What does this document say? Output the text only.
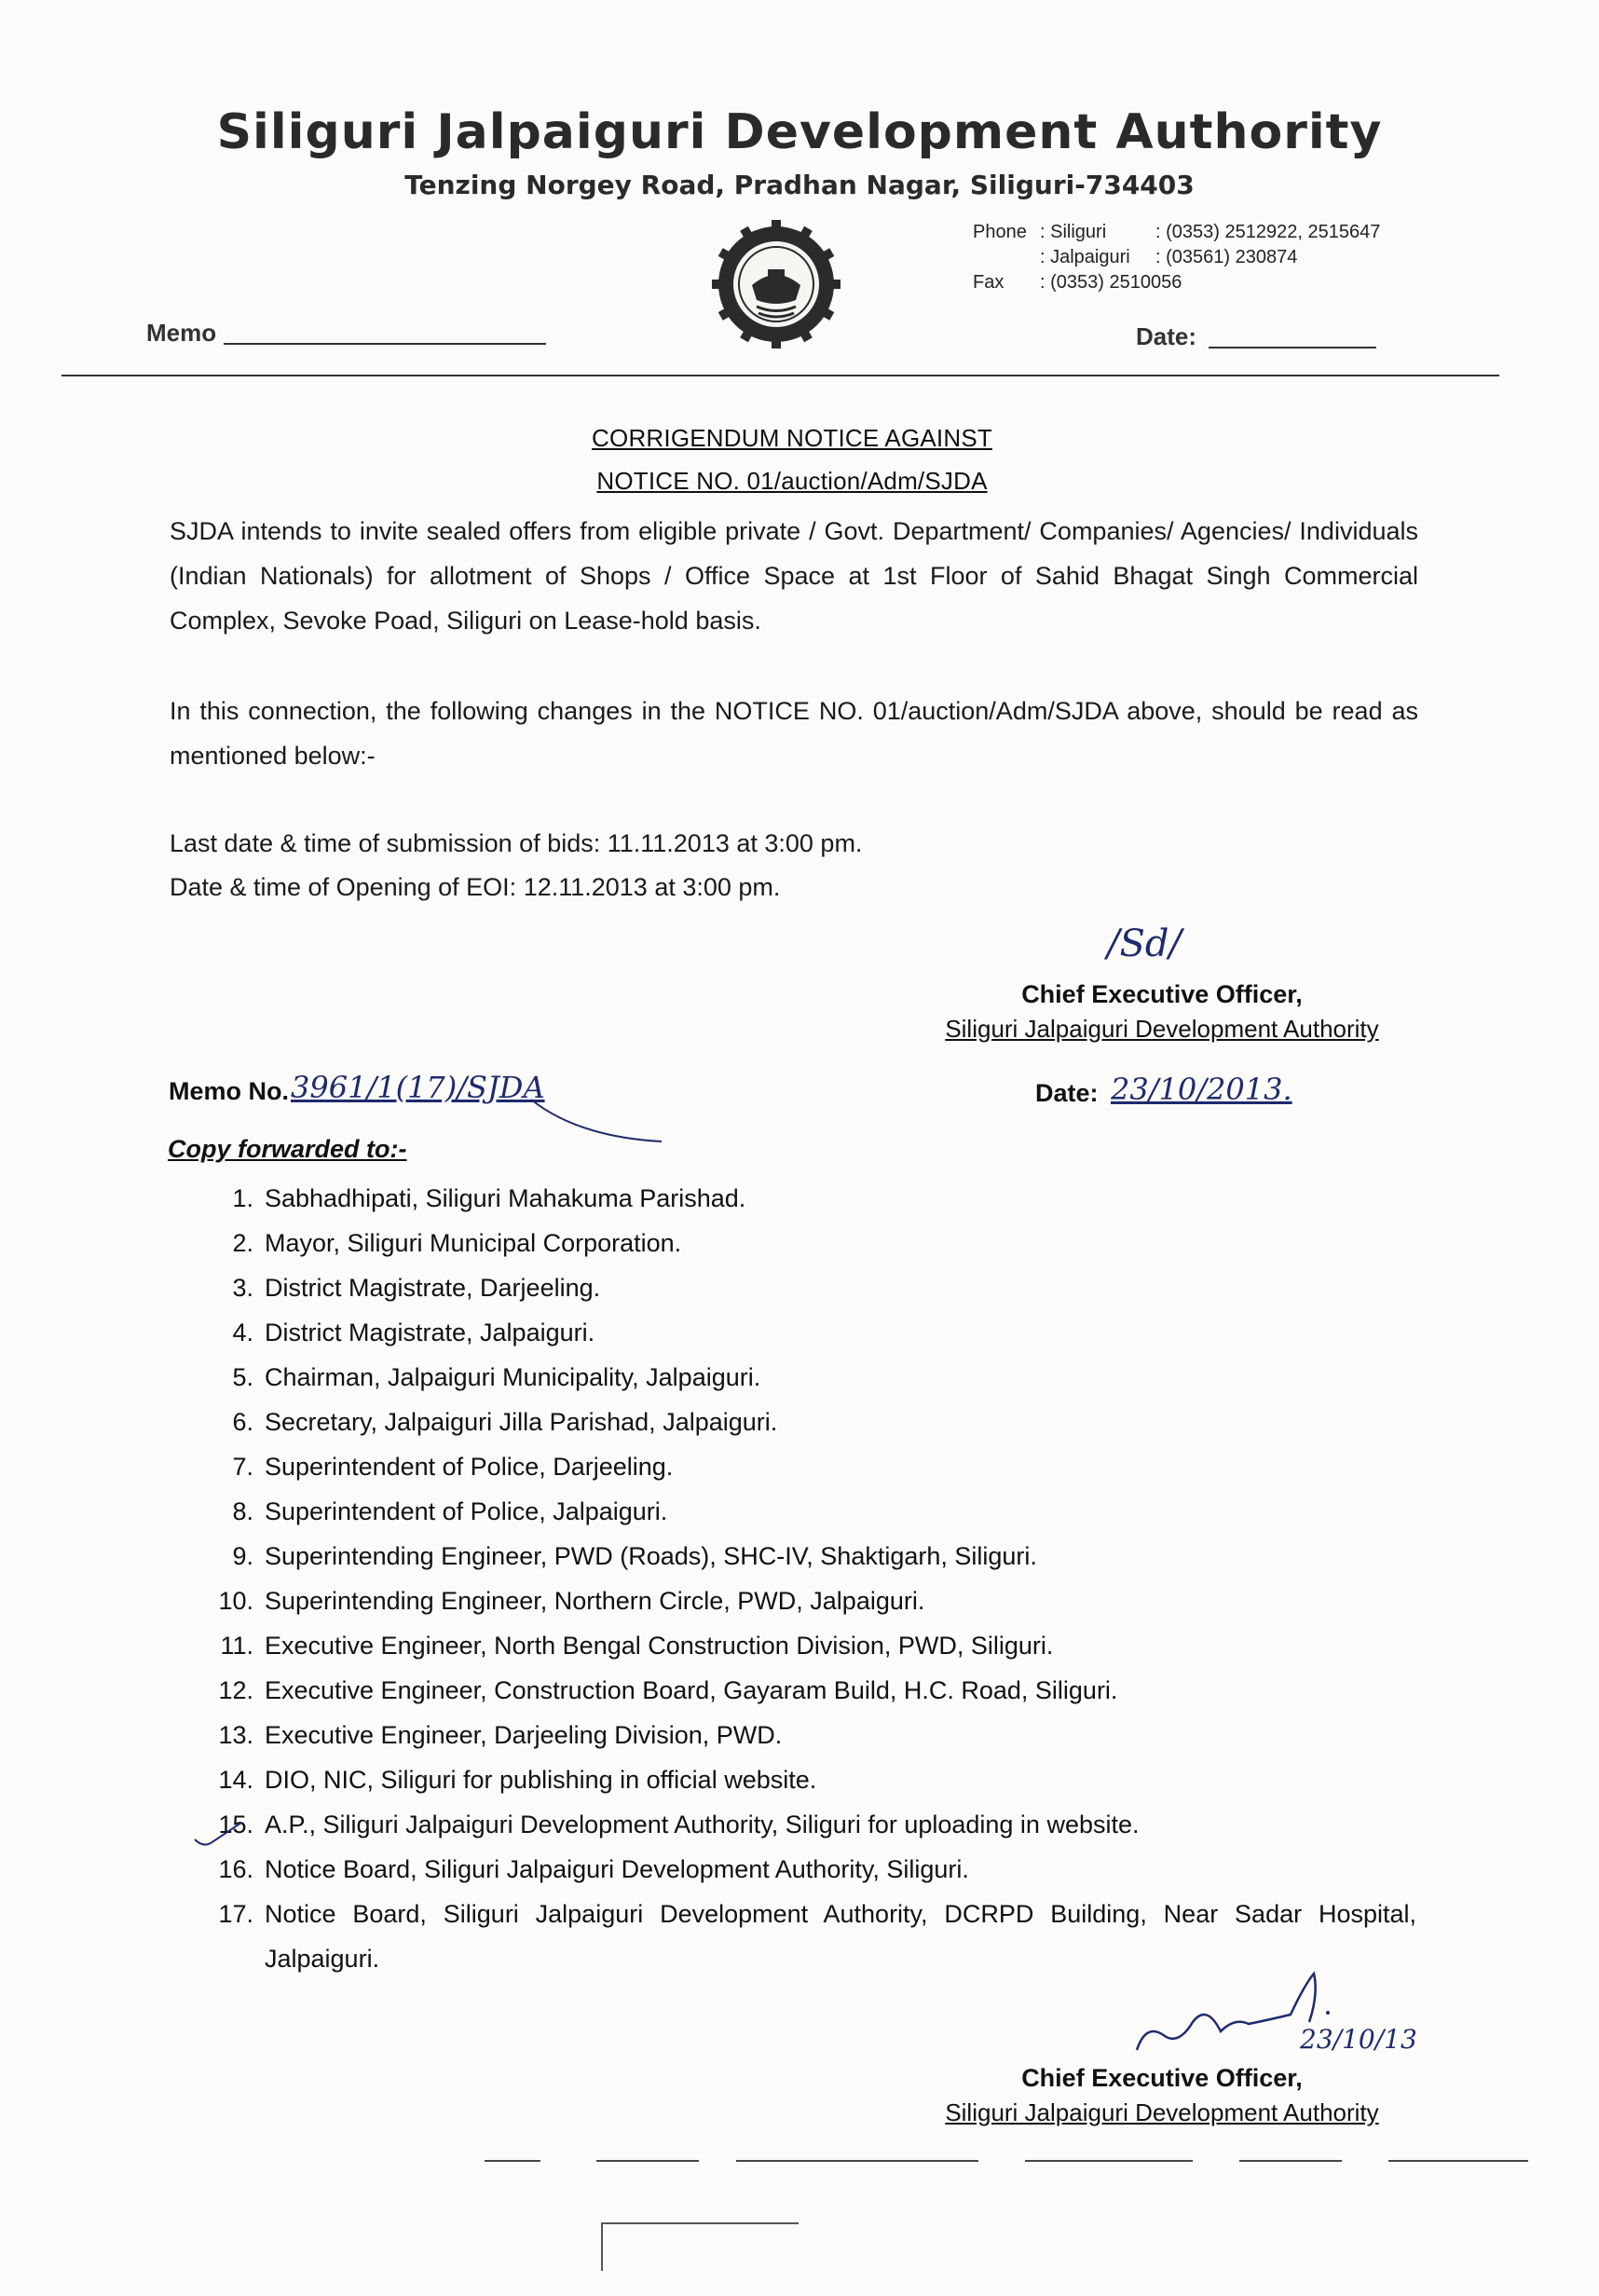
Siliguri Jalpaiguri Development Authority
Tenzing Norgey Road, Pradhan Nagar, Siliguri-734403
Phone : Siliguri	: (0353) 2512922, 2515647
: Jalpaiguri : (03561) 230874
Fax : (0353) 2510056
Memo	Date:
CORRIGENDUM NOTICE AGAINST
NOTICE NO. 01/auction/Adm/SJDA
SJDA intends to invite sealed offers from eligible private / Govt. Department/ Companies/ Agencies/ Individuals (Indian Nationals) for allotment of Shops / Office Space at 1st Floor of Sahid Bhagat Singh Commercial Complex, Sevoke Poad, Siliguri on Lease-hold basis.
In this connection, the following changes in the NOTICE NO. 01/auction/Adm/SJDA above, should be read as mentioned below:-
Last date & time of submission of bids: 11.11.2013 at 3:00 pm.
Date & time of Opening of EOI: 12.11.2013 at 3:00 pm.
/Sd/
Chief Executive Officer,
Siliguri Jalpaiguri Development Authority
Memo No. 3961/1(17)/SJDA	Date: 23/10/2013.
Copy forwarded to:-
1. Sabhadhipati, Siliguri Mahakuma Parishad.
2. Mayor, Siliguri Municipal Corporation.
3. District Magistrate, Darjeeling.
4. District Magistrate, Jalpaiguri.
5. Chairman, Jalpaiguri Municipality, Jalpaiguri.
6. Secretary, Jalpaiguri Jilla Parishad, Jalpaiguri.
7. Superintendent of Police, Darjeeling.
8. Superintendent of Police, Jalpaiguri.
9. Superintending Engineer, PWD (Roads), SHC-IV, Shaktigarh, Siliguri.
10. Superintending Engineer, Northern Circle, PWD, Jalpaiguri.
11. Executive Engineer, North Bengal Construction Division, PWD, Siliguri.
12. Executive Engineer, Construction Board, Gayaram Build, H.C. Road, Siliguri.
13. Executive Engineer, Darjeeling Division, PWD.
14. DIO, NIC, Siliguri for publishing in official website.
15. A.P., Siliguri Jalpaiguri Development Authority, Siliguri for uploading in website.
16. Notice Board, Siliguri Jalpaiguri Development Authority, Siliguri.
17. Notice Board, Siliguri Jalpaiguri Development Authority, DCRPD Building, Near Sadar Hospital, Jalpaiguri.
23/10/13
Chief Executive Officer,
Siliguri Jalpaiguri Development Authority
